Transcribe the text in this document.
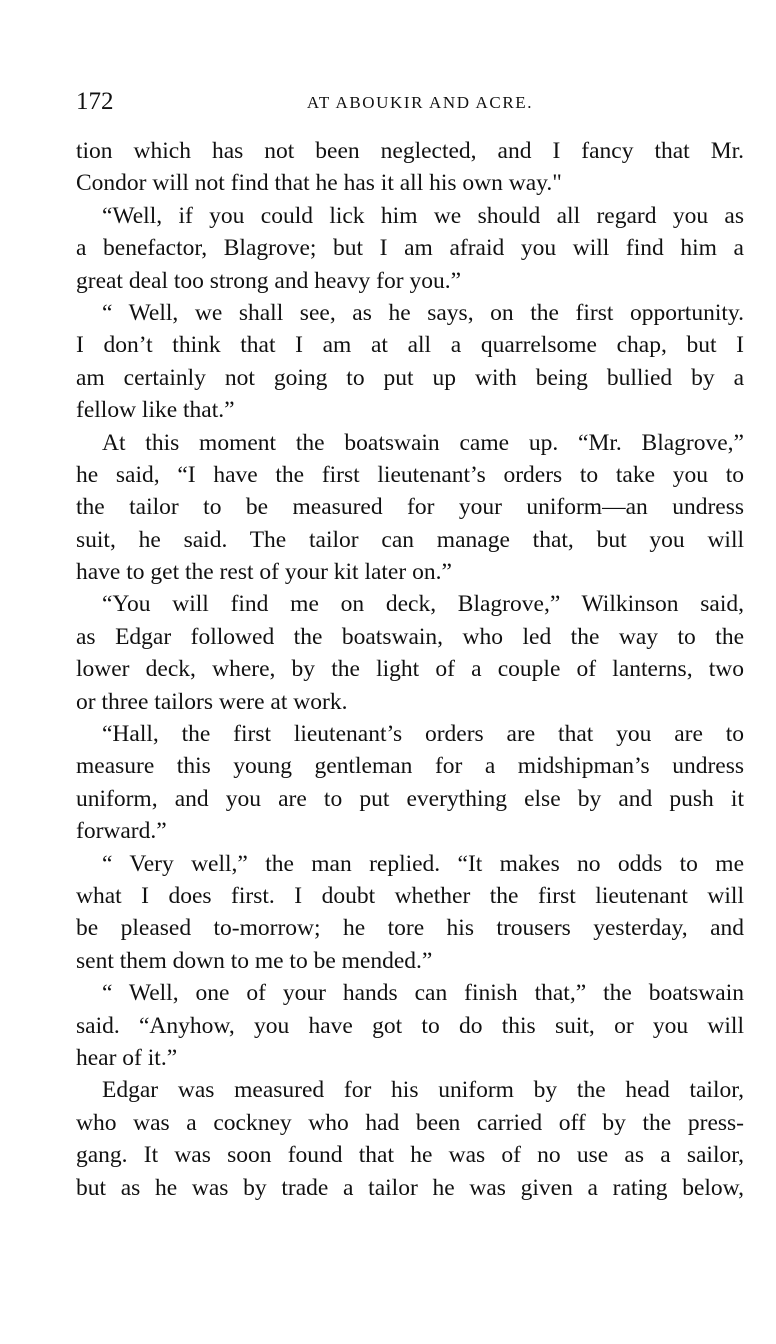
172	AT ABOUKIR AND ACRE.
tion which has not been neglected, and I fancy that Mr.
Condor will not find that he has it all his own way."
“Well, if you could lick him we should all regard you as
a benefactor, Blagrove; but I am afraid you will find him a
great deal too strong and heavy for you.”
“ Well, we shall see, as he says, on the first opportunity.
I don’t think that I am at all a quarrelsome chap, but I
am certainly not going to put up with being bullied by a
fellow like that.”
At this moment the boatswain came up. “Mr. Blagrove,”
he said, “I have the first lieutenant’s orders to take you to
the tailor to be measured for your uniform—an undress
suit, he said. The tailor can manage that, but you will
have to get the rest of your kit later on.”
“You will find me on deck, Blagrove,” Wilkinson said,
as Edgar followed the boatswain, who led the way to the
lower deck, where, by the light of a couple of lanterns, two
or three tailors were at work.
“Hall, the first lieutenant’s orders are that you are to
measure this young gentleman for a midshipman’s undress
uniform, and you are to put everything else by and push it
forward.”
“ Very well,” the man replied. “It makes no odds to me
what I does first. I doubt whether the first lieutenant will
be pleased to-morrow; he tore his trousers yesterday, and
sent them down to me to be mended.”
“ Well, one of your hands can finish that,” the boatswain
said. “Anyhow, you have got to do this suit, or you will
hear of it.”
Edgar was measured for his uniform by the head tailor,
who was a cockney who had been carried off by the press-
gang. It was soon found that he was of no use as a sailor,
but as he was by trade a tailor he was given a rating below,
